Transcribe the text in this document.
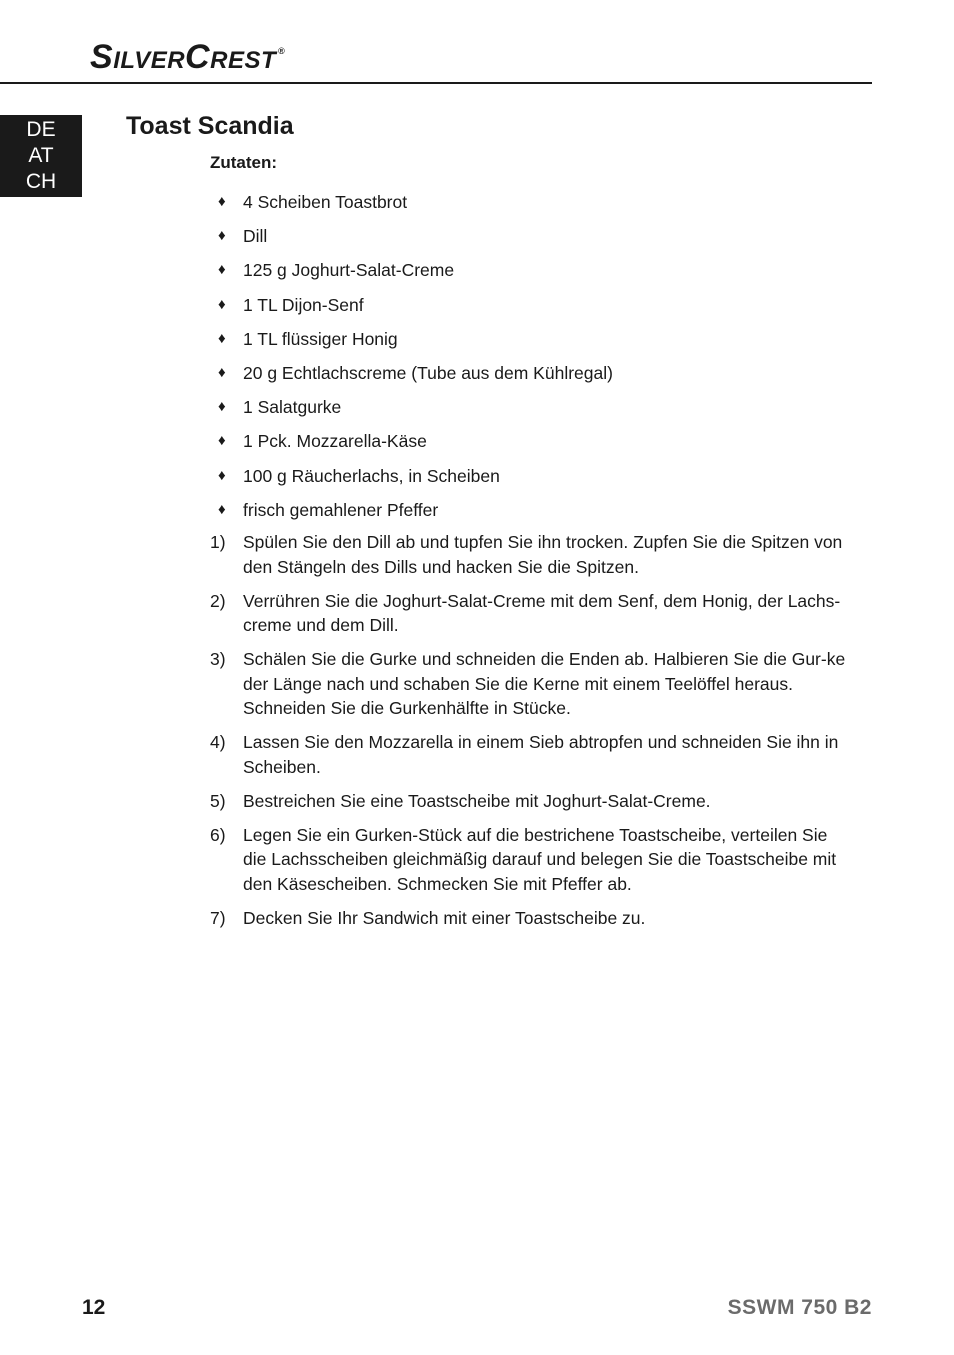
SILVERCREST ®
DE
AT
CH
Toast Scandia
Zutaten:
♦ 4 Scheiben Toastbrot
♦ Dill
♦ 125 g Joghurt-Salat-Creme
♦ 1 TL Dijon-Senf
♦ 1 TL flüssiger Honig
♦ 20 g Echtlachscreme (Tube aus dem Kühlregal)
♦ 1 Salatgurke
♦ 1 Pck. Mozzarella-Käse
♦ 100 g Räucherlachs, in Scheiben
♦ frisch gemahlener Pfeffer
1) Spülen Sie den Dill ab und tupfen Sie ihn trocken. Zupfen Sie die Spitzen von den Stängeln des Dills und hacken Sie die Spitzen.
2) Verrühren Sie die Joghurt-Salat-Creme mit dem Senf, dem Honig, der Lachs-creme und dem Dill.
3) Schälen Sie die Gurke und schneiden die Enden ab. Halbieren Sie die Gur-ke der Länge nach und schaben Sie die Kerne mit einem Teelöffel heraus. Schneiden Sie die Gurkenhälfte in Stücke.
4) Lassen Sie den Mozzarella in einem Sieb abtropfen und schneiden Sie ihn in Scheiben.
5) Bestreichen Sie eine Toastscheibe mit Joghurt-Salat-Creme.
6) Legen Sie ein Gurken-Stück auf die bestrichene Toastscheibe, verteilen Sie die Lachsscheiben gleichmäßig darauf und belegen Sie die Toastscheibe mit den Käsescheiben. Schmecken Sie mit Pfeffer ab.
7) Decken Sie Ihr Sandwich mit einer Toastscheibe zu.
12	SSWM 750 B2
